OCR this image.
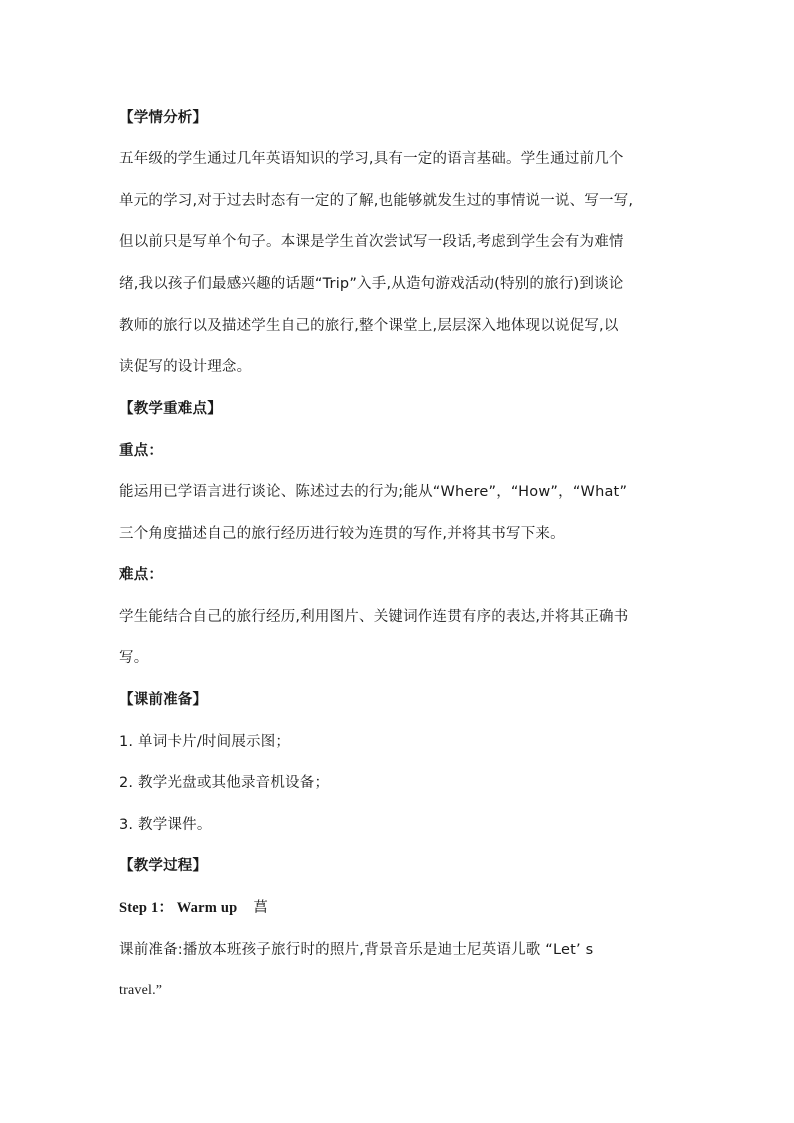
【学情分析】
五年级的学生通过几年英语知识的学习,具有一定的语言基础。学生通过前几个
单元的学习,对于过去时态有一定的了解,也能够就发生过的事情说一说、写一写,
但以前只是写单个句子。本课是学生首次尝试写一段话,考虑到学生会有为难情
绪,我以孩子们最感兴趣的话题“Trip”入手,从造句游戏活动(特别的旅行)到谈论
教师的旅行以及描述学生自己的旅行,整个课堂上,层层深入地体现以说促写,以
读促写的设计理念。
【教学重难点】
重点：
能运用已学语言进行谈论、陈述过去的行为;能从“Where”，“How”，“What”
三个角度描述自己的旅行经历进行较为连贯的写作,并将其书写下来。
难点：
学生能结合自己的旅行经历,利用图片、关键词作连贯有序的表达,并将其正确书
写。
【课前准备】
1. 单词卡片/时间展示图；
2. 教学光盘或其他录音机设备；
3. 教学课件。
【教学过程】
Step 1： Warm up 菖
课前准备:播放本班孩子旅行时的照片,背景音乐是迪士尼英语儿歌 “Let’ s
travel.”
